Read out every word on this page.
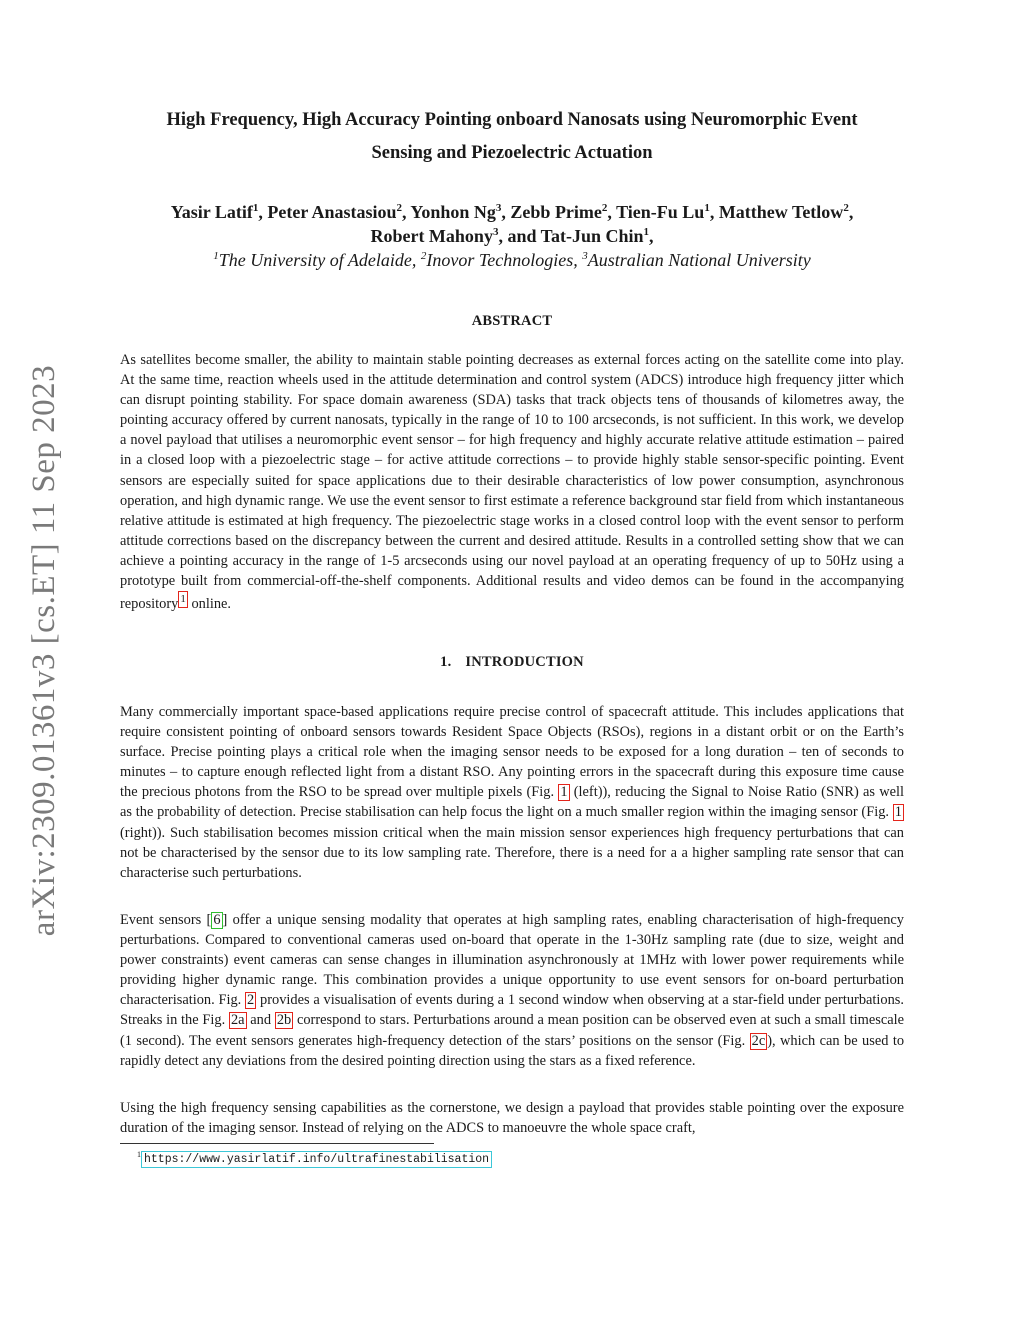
arXiv:2309.01361v3 [cs.ET] 11 Sep 2023
High Frequency, High Accuracy Pointing onboard Nanosats using Neuromorphic Event
Sensing and Piezoelectric Actuation
Yasir Latif$^1$, Peter Anastasiou$^2$, Yonhon Ng$^3$, Zebb Prime$^2$, Tien-Fu Lu$^1$, Matthew Tetlow$^2$,
Robert Mahony$^3$, and Tat-Jun Chin$^1$,
$^1$The University of Adelaide, $^2$Inovor Technologies, $^3$Australian National University
ABSTRACT

As satellites become smaller, the ability to maintain stable pointing decreases as external forces acting on the satellite come into play. At the same time, reaction wheels used in the attitude determination and control system (ADCS) introduce high frequency jitter which can disrupt pointing stability. For space domain awareness (SDA) tasks that track objects tens of thousands of kilometres away, the pointing accuracy offered by current nanosats, typically in the range of 10 to 100 arcseconds, is not sufficient. In this work, we develop a novel payload that utilises a neuromorphic event sensor – for high frequency and highly accurate relative attitude estimation – paired in a closed loop with a piezoelectric stage – for active attitude corrections – to provide highly stable sensor-specific pointing. Event sensors are especially suited for space applications due to their desirable characteristics of low power consumption, asynchronous operation, and high dynamic range. We use the event sensor to first estimate a reference background star field from which instantaneous relative attitude is estimated at high frequency. The piezoelectric stage works in a closed control loop with the event sensor to perform attitude corrections based on the discrepancy between the current and desired attitude. Results in a controlled setting show that we can achieve a pointing accuracy in the range of 1-5 arcseconds using our novel payload at an operating frequency of up to 50Hz using a prototype built from commercial-off-the-shelf components. Additional results and video demos can be found in the accompanying repository $^1$ online.

1. INTRODUCTION

Many commercially important space-based applications require precise control of spacecraft attitude. This includes applications that require consistent pointing of onboard sensors towards Resident Space Objects (RSOs), regions in a distant orbit or on the Earth’s surface. Precise pointing plays a critical role when the imaging sensor needs to be exposed for a long duration – ten of seconds to minutes – to capture enough reflected light from a distant RSO. Any pointing errors in the spacecraft during this exposure time cause the precious photons from the RSO to be spread over multiple pixels (Fig. 1 (left)), reducing the Signal to Noise Ratio (SNR) as well as the probability of detection. Precise stabilisation can help focus the light on a much smaller region within the imaging sensor (Fig. 1 (right)). Such stabilisation becomes mission critical when the main mission sensor experiences high frequency perturbations that can not be characterised by the sensor due to its low sampling rate. Therefore, there is a need for a a higher sampling rate sensor that can characterise such perturbations.

Event sensors [ 6 ] offer a unique sensing modality that operates at high sampling rates, enabling characterisation of high-frequency perturbations. Compared to conventional cameras used on-board that operate in the 1-30Hz sampling rate (due to size, weight and power constraints) event cameras can sense changes in illumination asynchronously at 1MHz with lower power requirements while providing higher dynamic range. This combination provides a unique opportunity to use event sensors for on-board perturbation characterisation. Fig. 2 provides a visualisation of events during a 1 second window when observing at a star-field under perturbations. Streaks in the Fig. 2a and 2b correspond to stars. Perturbations around a mean position can be observed even at such a small timescale (1 second). The event sensors generates high-frequency detection of the stars’ positions on the sensor (Fig. 2c ), which can be used to rapidly detect any deviations from the desired pointing direction using the stars as a fixed reference.

Using the high frequency sensing capabilities as the cornerstone, we design a payload that provides stable pointing over the exposure duration of the imaging sensor. Instead of relying on the ADCS to manoeuvre the whole space craft,

$^1$ https://www.yasirlatif.info/ultrafinestabilisation
